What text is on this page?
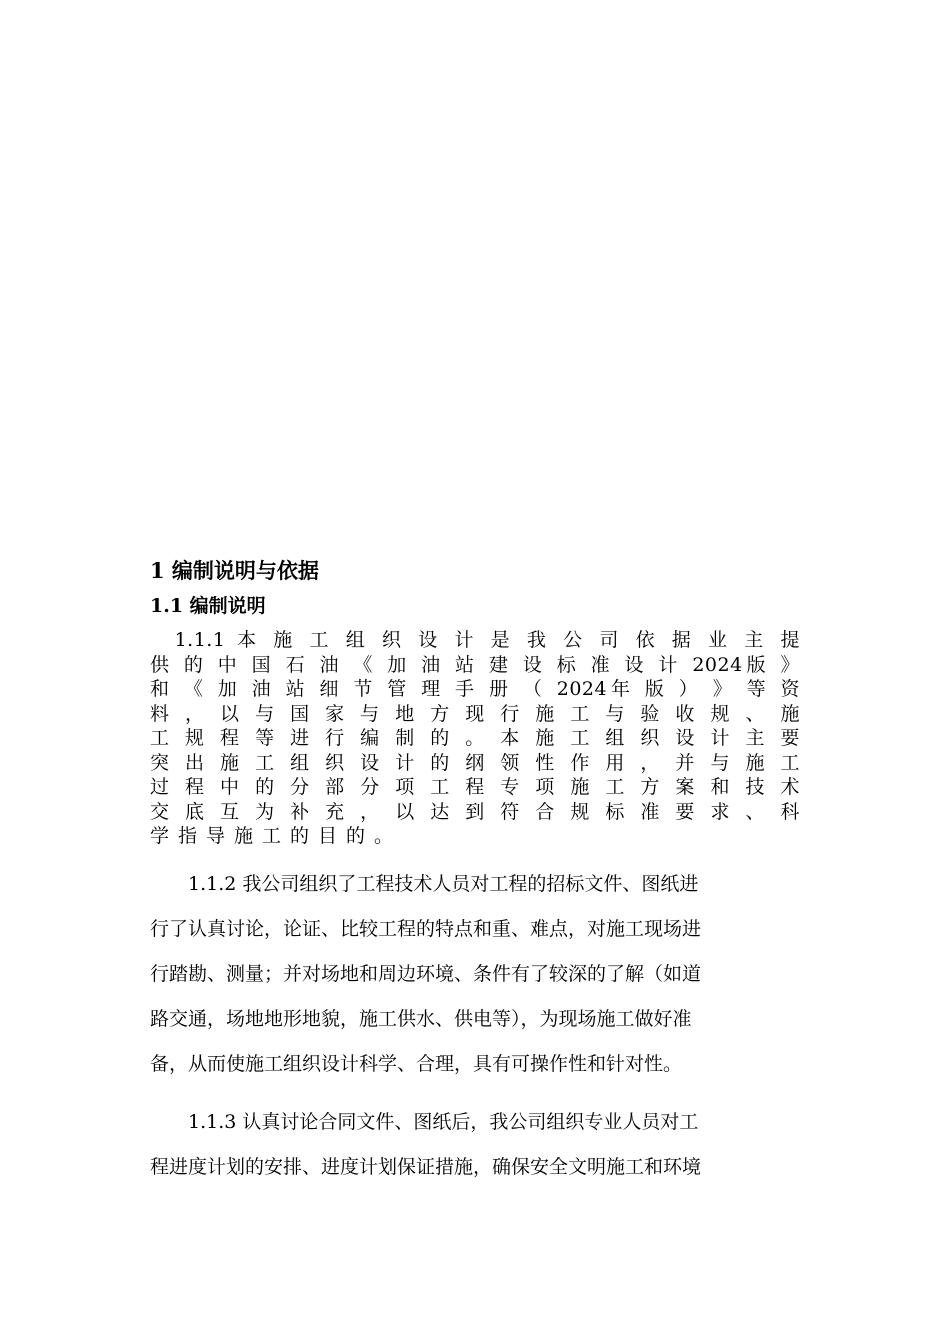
1 编制说明与依据
1.1 编制说明
　1.1.1 本 施 工 组 织 设 计 是 我 公 司 依 据 业 主 提
供 的 中 国 石 油 《 加 油 站 建 设 标 准 设 计 2024版 》
和 《 加 油 站 细 节 管 理 手 册 （ 2024年 版 ） 》 等 资
料 ， 以 与 国 家 与 地 方 现 行 施 工 与 验 收 规 、 施
工 规 程 等 进 行 编 制 的 。 本 施 工 组 织 设 计 主 要
突 出 施 工 组 织 设 计 的 纲 领 性 作 用 ， 并 与 施 工
过 程 中 的 分 部 分 项 工 程 专 项 施 工 方 案 和 技 术
交 底 互 为 补 充 ， 以 达 到 符 合 规 标 准 要 求 、 科
学指导施工的目的。
　　1.1.2 我公司组织了工程技术人员对工程的招标文件、图纸进
行了认真讨论，论证、比较工程的特点和重、难点，对施工现场进
行踏勘、测量；并对场地和周边环境、条件有了较深的了解（如道
路交通，场地地形地貌，施工供水、供电等），为现场施工做好准
备，从而使施工组织设计科学、合理，具有可操作性和针对性。
　　1.1.3 认真讨论合同文件、图纸后，我公司组织专业人员对工
程进度计划的安排、进度计划保证措施，确保安全文明施工和环境
